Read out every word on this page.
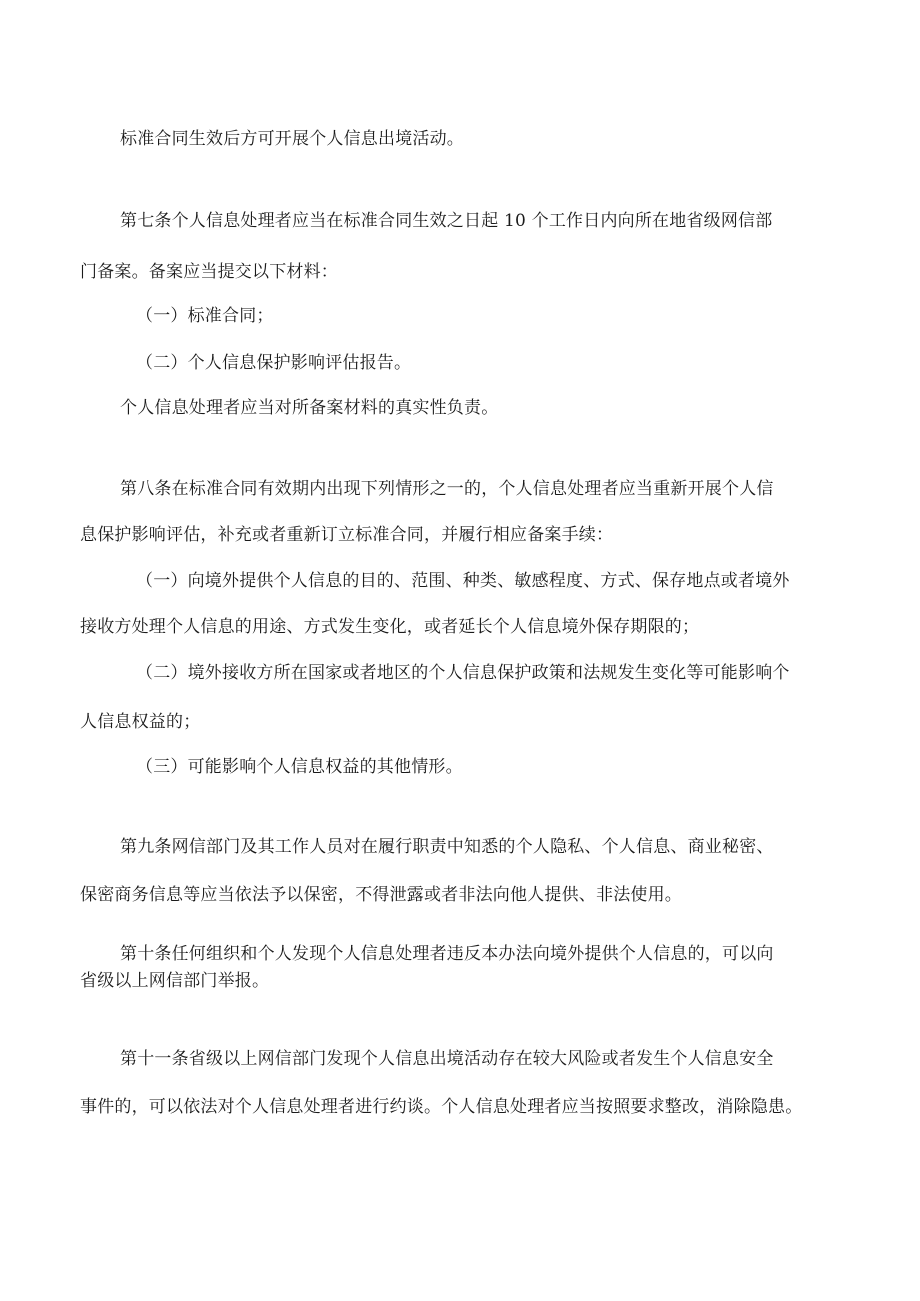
标准合同生效后方可开展个人信息出境活动。
第七条个人信息处理者应当在标准合同生效之日起 10 个工作日内向所在地省级网信部
门备案。备案应当提交以下材料：
（一）标准合同；
（二）个人信息保护影响评估报告。
个人信息处理者应当对所备案材料的真实性负责。
第八条在标准合同有效期内出现下列情形之一的，个人信息处理者应当重新开展个人信
息保护影响评估，补充或者重新订立标准合同，并履行相应备案手续：
（一）向境外提供个人信息的目的、范围、种类、敏感程度、方式、保存地点或者境外
接收方处理个人信息的用途、方式发生变化，或者延长个人信息境外保存期限的；
（二）境外接收方所在国家或者地区的个人信息保护政策和法规发生变化等可能影响个
人信息权益的；
（三）可能影响个人信息权益的其他情形。
第九条网信部门及其工作人员对在履行职责中知悉的个人隐私、个人信息、商业秘密、
保密商务信息等应当依法予以保密，不得泄露或者非法向他人提供、非法使用。
第十条任何组织和个人发现个人信息处理者违反本办法向境外提供个人信息的，可以向
省级以上网信部门举报。
第十一条省级以上网信部门发现个人信息出境活动存在较大风险或者发生个人信息安全
事件的，可以依法对个人信息处理者进行约谈。个人信息处理者应当按照要求整改，消除隐患。
